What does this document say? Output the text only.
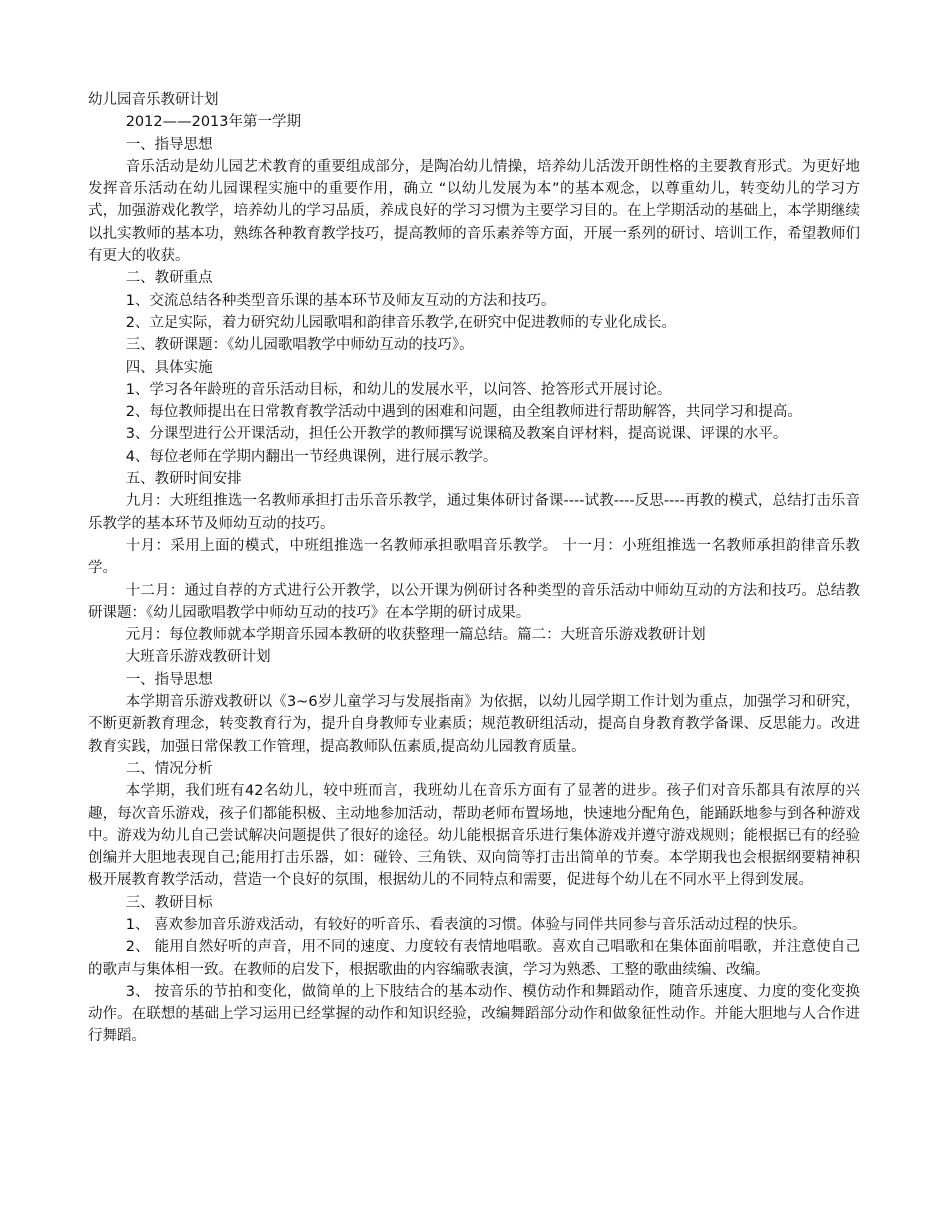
幼儿园音乐教研计划

2012——2013年第一学期

一、指导思想

音乐活动是幼儿园艺术教育的重要组成部分，是陶冶幼儿情操，培养幼儿活泼开朗性格的主要教育形式。为更好地发挥音乐活动在幼儿园课程实施中的重要作用，确立 “以幼儿发展为本”的基本观念，以尊重幼儿，转变幼儿的学习方式，加强游戏化教学，培养幼儿的学习品质，养成良好的学习习惯为主要学习目的。在上学期活动的基础上，本学期继续以扎实教师的基本功，熟练各种教育教学技巧，提高教师的音乐素养等方面，开展一系列的研讨、培训工作，希望教师们有更大的收获。

二、教研重点

1、交流总结各种类型音乐课的基本环节及师友互动的方法和技巧。

2、立足实际，着力研究幼儿园歌唱和韵律音乐教学,在研究中促进教师的专业化成长。

三、教研课题：《幼儿园歌唱教学中师幼互动的技巧》。

四、具体实施

1、学习各年龄班的音乐活动目标，和幼儿的发展水平，以问答、抢答形式开展讨论。

2、每位教师提出在日常教育教学活动中遇到的困难和问题，由全组教师进行帮助解答，共同学习和提高。

3、分课型进行公开课活动，担任公开教学的教师撰写说课稿及教案自评材料，提高说课、评课的水平。

4、每位老师在学期内翻出一节经典课例，进行展示教学。

五、教研时间安排

九月：大班组推选一名教师承担打击乐音乐教学，通过集体研讨备课----试教----反思----再教的模式，总结打击乐音乐教学的基本环节及师幼互动的技巧。

十月：采用上面的模式，中班组推选一名教师承担歌唱音乐教学。 十一月：小班组推选一名教师承担韵律音乐教学。

十二月：通过自荐的方式进行公开教学，以公开课为例研讨各种类型的音乐活动中师幼互动的方法和技巧。总结教研课题：《幼儿园歌唱教学中师幼互动的技巧》在本学期的研讨成果。

元月：每位教师就本学期音乐园本教研的收获整理一篇总结。篇二：大班音乐游戏教研计划

大班音乐游戏教研计划

一、指导思想

本学期音乐游戏教研以《3~6岁儿童学习与发展指南》为依据，以幼儿园学期工作计划为重点，加强学习和研究，不断更新教育理念，转变教育行为，提升自身教师专业素质；规范教研组活动，提高自身教育教学备课、反思能力。改进教育实践，加强日常保教工作管理，提高教师队伍素质,提高幼儿园教育质量。

二、情况分析

本学期，我们班有42名幼儿，较中班而言，我班幼儿在音乐方面有了显著的进步。孩子们对音乐都具有浓厚的兴趣，每次音乐游戏，孩子们都能积极、主动地参加活动，帮助老师布置场地，快速地分配角色，能踊跃地参与到各种游戏中。游戏为幼儿自己尝试解决问题提供了很好的途径。幼儿能根据音乐进行集体游戏并遵守游戏规则；能根据已有的经验创编并大胆地表现自己;能用打击乐器，如：碰铃、三角铁、双向筒等打击出简单的节奏。本学期我也会根据纲要精神积极开展教育教学活动，营造一个良好的氛围，根据幼儿的不同特点和需要，促进每个幼儿在不同水平上得到发展。

三、教研目标

1、 喜欢参加音乐游戏活动，有较好的听音乐、看表演的习惯。体验与同伴共同参与音乐活动过程的快乐。

2、 能用自然好听的声音，用不同的速度、力度较有表情地唱歌。喜欢自己唱歌和在集体面前唱歌，并注意使自己的歌声与集体相一致。在教师的启发下，根据歌曲的内容编歌表演，学习为熟悉、工整的歌曲续编、改编。

3、 按音乐的节拍和变化，做简单的上下肢结合的基本动作、模仿动作和舞蹈动作，随音乐速度、力度的变化变换动作。在联想的基础上学习运用已经掌握的动作和知识经验，改编舞蹈部分动作和做象征性动作。并能大胆地与人合作进行舞蹈。
